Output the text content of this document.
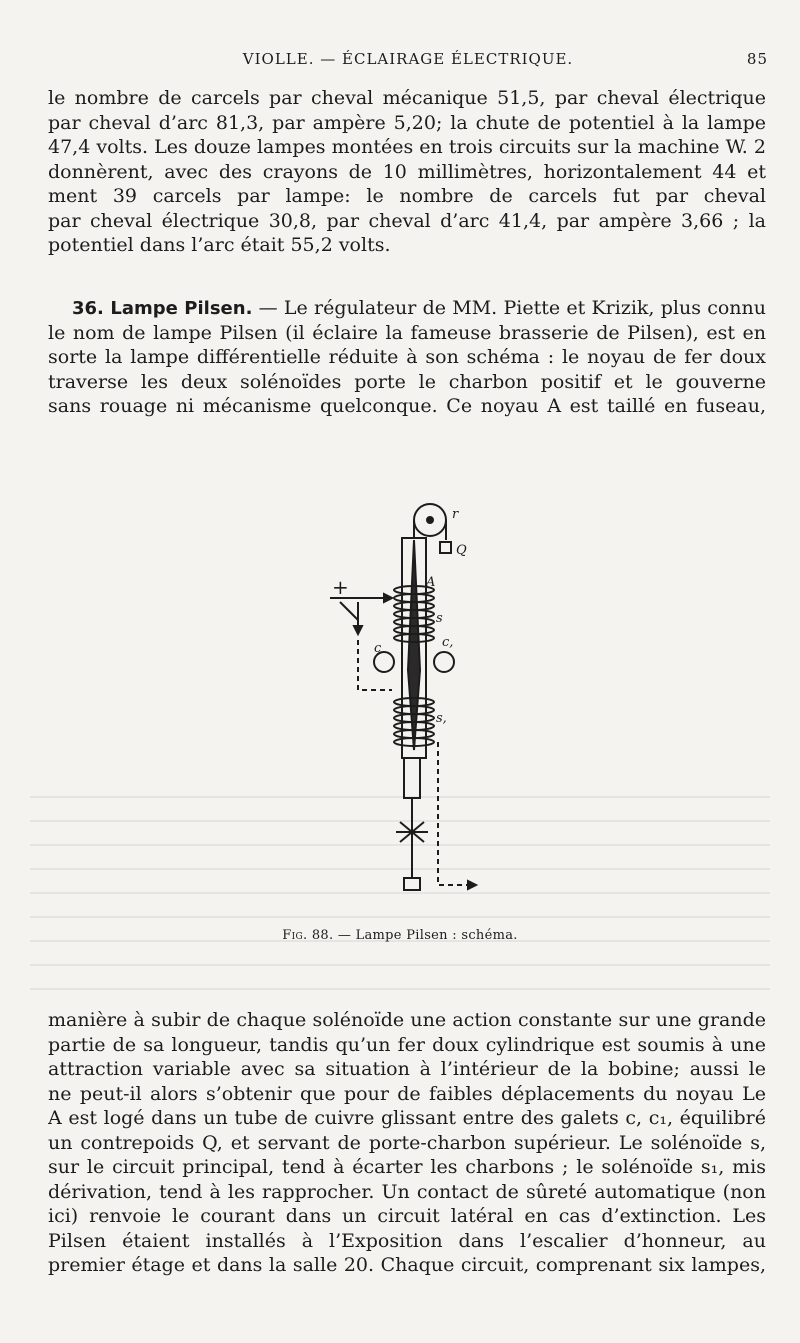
VIOLLE. — ÉCLAIRAGE ÉLECTRIQUE.	85
le nombre de carcels par cheval mécanique 51,5, par cheval électrique
par cheval d’arc 81,3, par ampère 5,20; la chute de potentiel à la lampe
47,4 volts. Les douze lampes montées en trois circuits sur la machine W. 2
donnèrent, avec des crayons de 10 millimètres, horizontalement 44 et
ment 39 carcels par lampe: le nombre de carcels fut par cheval
par cheval électrique 30,8, par cheval d’arc 41,4, par ampère 3,66 ; la
potentiel dans l’arc était 55,2 volts.
36. Lampe Pilsen. — Le régulateur de MM. Piette et Krizik, plus connu
le nom de lampe Pilsen (il éclaire la fameuse brasserie de Pilsen), est en
sorte la lampe différentielle réduite à son schéma : le noyau de fer doux
traverse les deux solénoïdes porte le charbon positif et le gouverne
sans rouage ni mécanisme quelconque. Ce noyau A est taillé en fuseau,
r
Q
A
s
s,
c	c,
+
Fig. 88. — Lampe Pilsen : schéma.
manière à subir de chaque solénoïde une action constante sur une grande
partie de sa longueur, tandis qu’un fer doux cylindrique est soumis à une
attraction variable avec sa situation à l’intérieur de la bobine; aussi le
ne peut-il alors s’obtenir que pour de faibles déplacements du noyau Le
A est logé dans un tube de cuivre glissant entre des galets c, c₁, équilibré
un contrepoids Q, et servant de porte-charbon supérieur. Le solénoïde s,
sur le circuit principal, tend à écarter les charbons ; le solénoïde s₁, mis
dérivation, tend à les rapprocher. Un contact de sûreté automatique (non
ici) renvoie le courant dans un circuit latéral en cas d’extinction. Les
Pilsen étaient installés à l’Exposition dans l’escalier d’honneur, au
premier étage et dans la salle 20. Chaque circuit, comprenant six lampes,
